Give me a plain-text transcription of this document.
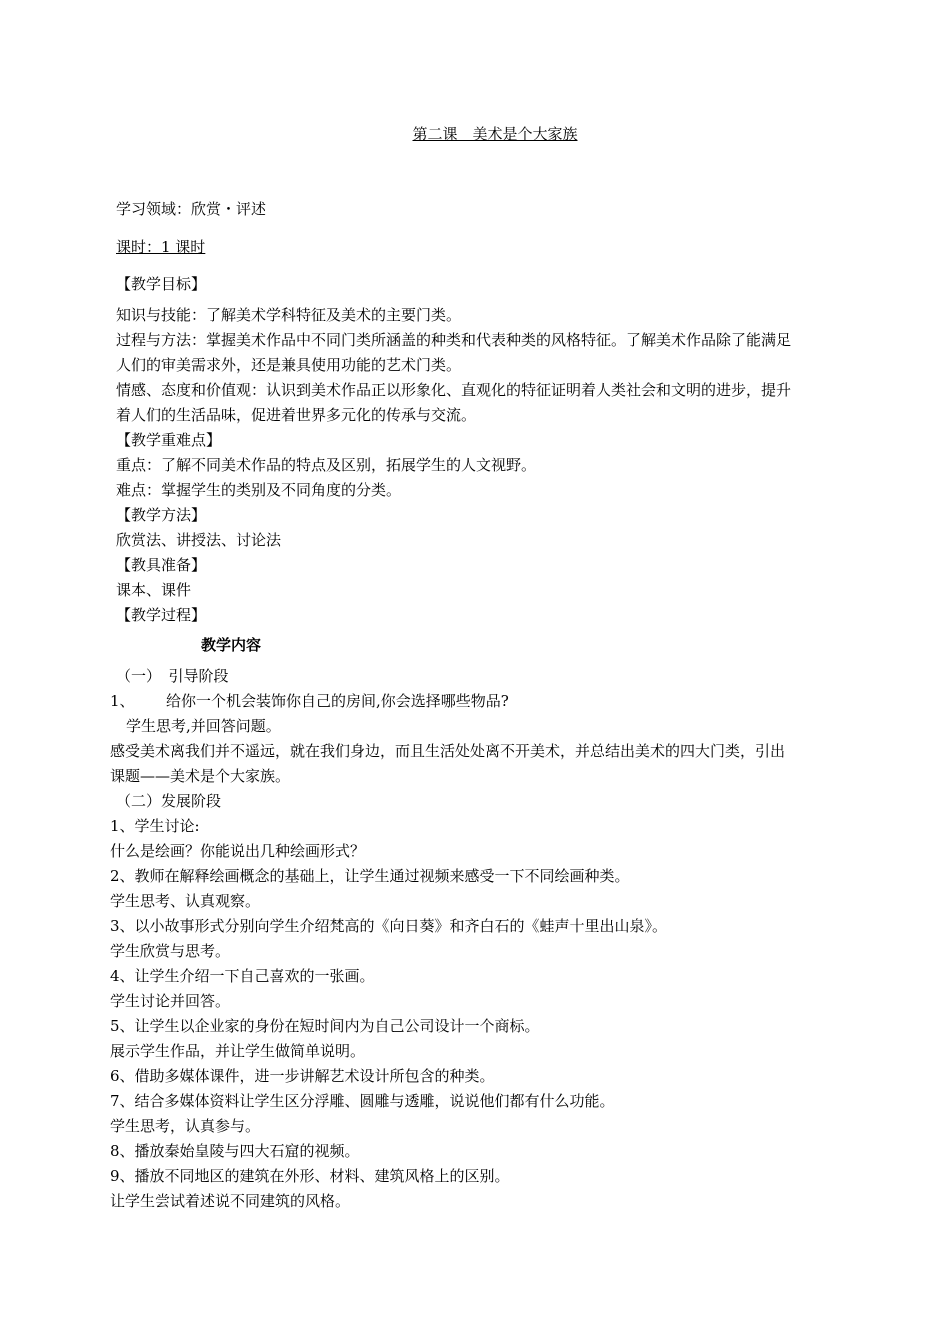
第二课　美术是个大家族
学习领域：欣赏・评述
课时：1 课时
【教学目标】
知识与技能：了解美术学科特征及美术的主要门类。
过程与方法：掌握美术作品中不同门类所涵盖的种类和代表种类的风格特征。了解美术作品除了能满足
人们的审美需求外，还是兼具使用功能的艺术门类。
情感、态度和价值观：认识到美术作品正以形象化、直观化的特征证明着人类社会和文明的进步，提升
着人们的生活品味，促进着世界多元化的传承与交流。
【教学重难点】
重点：了解不同美术作品的特点及区别，拓展学生的人文视野。
难点：掌握学生的类别及不同角度的分类。
【教学方法】
欣赏法、讲授法、讨论法
【教具准备】
课本、课件
【教学过程】
教学内容
（一）　引导阶段
1、 给你一个机会装饰你自己的房间,你会选择哪些物品?
学生思考,并回答问题。
感受美术离我们并不遥远，就在我们身边，而且生活处处离不开美术，并总结出美术的四大门类，引出
课题——美术是个大家族。
（二）发展阶段
1、学生讨论:
什么是绘画？你能说出几种绘画形式？
2、教师在解释绘画概念的基础上，让学生通过视频来感受一下不同绘画种类。
学生思考、认真观察。
3、以小故事形式分别向学生介绍梵高的《向日葵》和齐白石的《蛙声十里出山泉》。
学生欣赏与思考。
4、让学生介绍一下自己喜欢的一张画。
学生讨论并回答。
5、让学生以企业家的身份在短时间内为自己公司设计一个商标。
展示学生作品，并让学生做简单说明。
6、借助多媒体课件，进一步讲解艺术设计所包含的种类。
7、结合多媒体资料让学生区分浮雕、圆雕与透雕，说说他们都有什么功能。
学生思考，认真参与。
8、播放秦始皇陵与四大石窟的视频。
9、播放不同地区的建筑在外形、材料、建筑风格上的区别。
让学生尝试着述说不同建筑的风格。
